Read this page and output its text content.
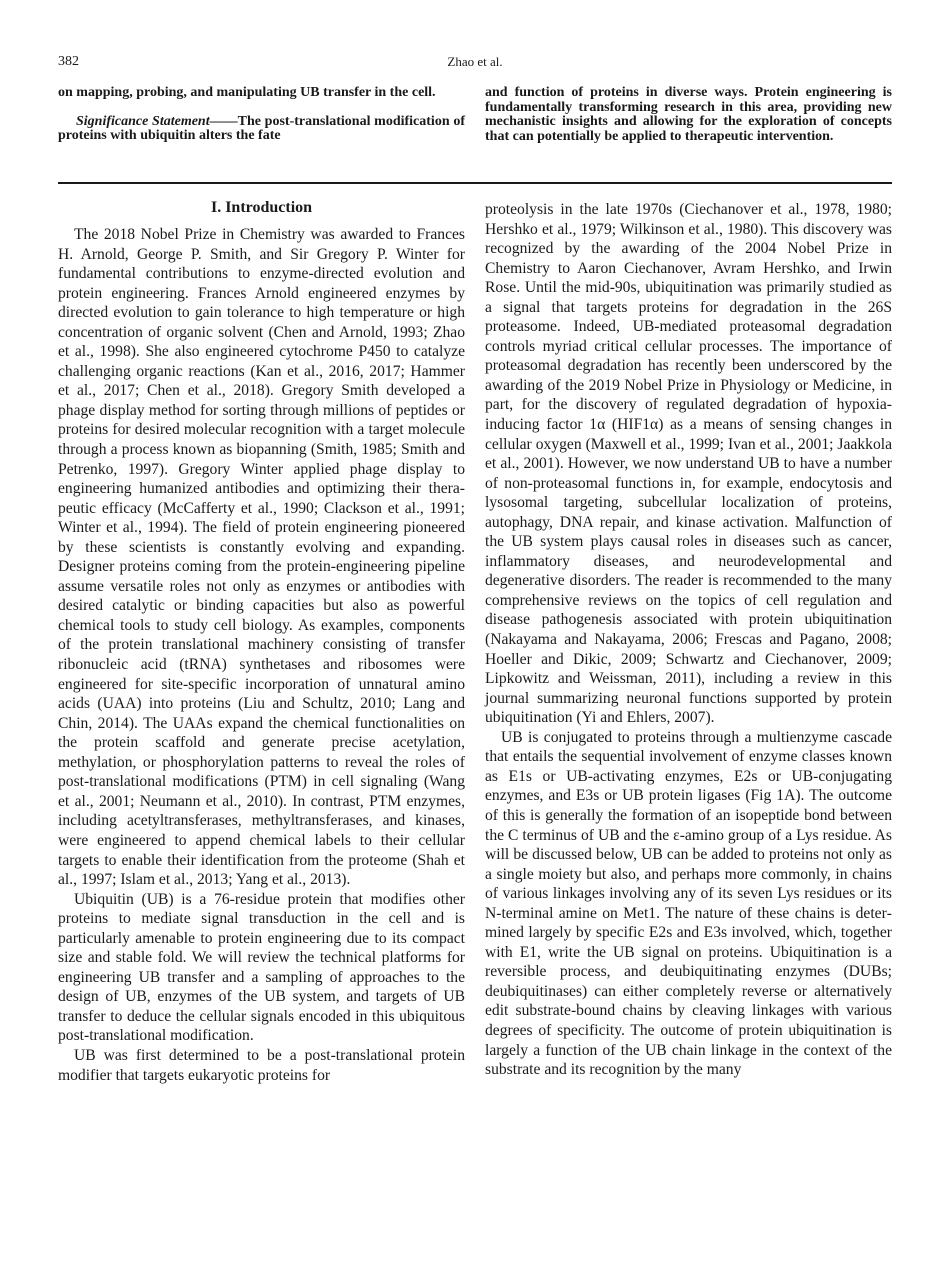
382	Zhao et al.

on mapping, probing, and manipulating UB transfer in the cell.

Significance Statement——The post-translational modification of proteins with ubiquitin alters the fate

and function of proteins in diverse ways. Protein engineering is fundamentally transforming research in this area, providing new mechanistic insights and allowing for the exploration of concepts that can potentially be applied to therapeutic intervention.

I. Introduction

The 2018 Nobel Prize in Chemistry was awarded to Frances H. Arnold, George P. Smith, and Sir Gregory P. Winter for fundamental contributions to enzyme-directed evolution and protein engineering. Frances Arnold engineered enzymes by directed evolution to gain tolerance to high temperature or high concentration of organic solvent (Chen and Arnold, 1993; Zhao et al., 1998). She also engineered cytochrome P450 to catalyze challenging organic reactions (Kan et al., 2016, 2017; Hammer et al., 2017; Chen et al., 2018). Gregory Smith developed a phage display method for sorting through millions of peptides or proteins for desired molecular recognition with a target molecule through a process known as biopanning (Smith, 1985; Smith and Petrenko, 1997). Gregory Winter applied phage display to engineering humanized antibodies and optimizing their therapeutic efficacy (McCafferty et al., 1990; Clackson et al., 1991; Winter et al., 1994). The field of protein engineering pioneered by these scientists is constantly evolving and expanding. Designer proteins coming from the protein-engineering pipeline assume versatile roles not only as enzymes or antibodies with desired catalytic or binding capacities but also as powerful chemical tools to study cell biology. As examples, components of the protein translational machinery consisting of transfer ribonucleic acid (tRNA) synthetases and ribosomes were engineered for site-specific incorporation of unnatural amino acids (UAA) into proteins (Liu and Schultz, 2010; Lang and Chin, 2014). The UAAs expand the chemical functionalities on the protein scaffold and generate precise acetylation, methylation, or phosphorylation patterns to reveal the roles of post-translational modifications (PTM) in cell signaling (Wang et al., 2001; Neumann et al., 2010). In contrast, PTM enzymes, including acetyltransferases, methyltransferases, and kinases, were engineered to append chemical labels to their cellular targets to enable their identification from the proteome (Shah et al., 1997; Islam et al., 2013; Yang et al., 2013).

Ubiquitin (UB) is a 76-residue protein that modifies other proteins to mediate signal transduction in the cell and is particularly amenable to protein engineering due to its compact size and stable fold. We will review the technical platforms for engineering UB transfer and a sampling of approaches to the design of UB, enzymes of the UB system, and targets of UB transfer to deduce the cellular signals encoded in this ubiquitous post-translational modification.

UB was first determined to be a post-translational protein modifier that targets eukaryotic proteins for

proteolysis in the late 1970s (Ciechanover et al., 1978, 1980; Hershko et al., 1979; Wilkinson et al., 1980). This discovery was recognized by the awarding of the 2004 Nobel Prize in Chemistry to Aaron Ciechanover, Avram Hershko, and Irwin Rose. Until the mid-90s, ubiquitination was primarily studied as a signal that targets proteins for degradation in the 26S proteasome. Indeed, UB-mediated proteasomal degradation controls myriad critical cellular processes. The importance of proteasomal degradation has recently been underscored by the awarding of the 2019 Nobel Prize in Physiology or Medicine, in part, for the discovery of regulated degradation of hypoxia-inducing factor 1α (HIF1α) as a means of sensing changes in cellular oxygen (Maxwell et al., 1999; Ivan et al., 2001; Jaakkola et al., 2001). However, we now understand UB to have a number of non-proteasomal functions in, for example, endocytosis and lysosomal targeting, subcellular localization of proteins, autophagy, DNA repair, and kinase activation. Malfunction of the UB system plays causal roles in diseases such as cancer, inflammatory diseases, and neurodevelopmental and degenerative disorders. The reader is recommended to the many comprehensive reviews on the topics of cell regulation and disease pathogenesis associated with protein ubiquitination (Nakayama and Nakayama, 2006; Frescas and Pagano, 2008; Hoeller and Dikic, 2009; Schwartz and Ciechanover, 2009; Lipkowitz and Weissman, 2011), including a review in this journal summarizing neuronal functions supported by protein ubiquitination (Yi and Ehlers, 2007).

UB is conjugated to proteins through a multienzyme cascade that entails the sequential involvement of enzyme classes known as E1s or UB-activating enzymes, E2s or UB-conjugating enzymes, and E3s or UB protein ligases (Fig 1A). The outcome of this is generally the formation of an isopeptide bond between the C terminus of UB and the ε-amino group of a Lys residue. As will be discussed below, UB can be added to proteins not only as a single moiety but also, and perhaps more commonly, in chains of various linkages involving any of its seven Lys residues or its N-terminal amine on Met1. The nature of these chains is determined largely by specific E2s and E3s involved, which, together with E1, write the UB signal on proteins. Ubiquitination is a reversible process, and deubiquitinating enzymes (DUBs; deubiquitinases) can either completely reverse or alternatively edit substrate-bound chains by cleaving linkages with various degrees of specificity. The outcome of protein ubiquitination is largely a function of the UB chain linkage in the context of the substrate and its recognition by the many
